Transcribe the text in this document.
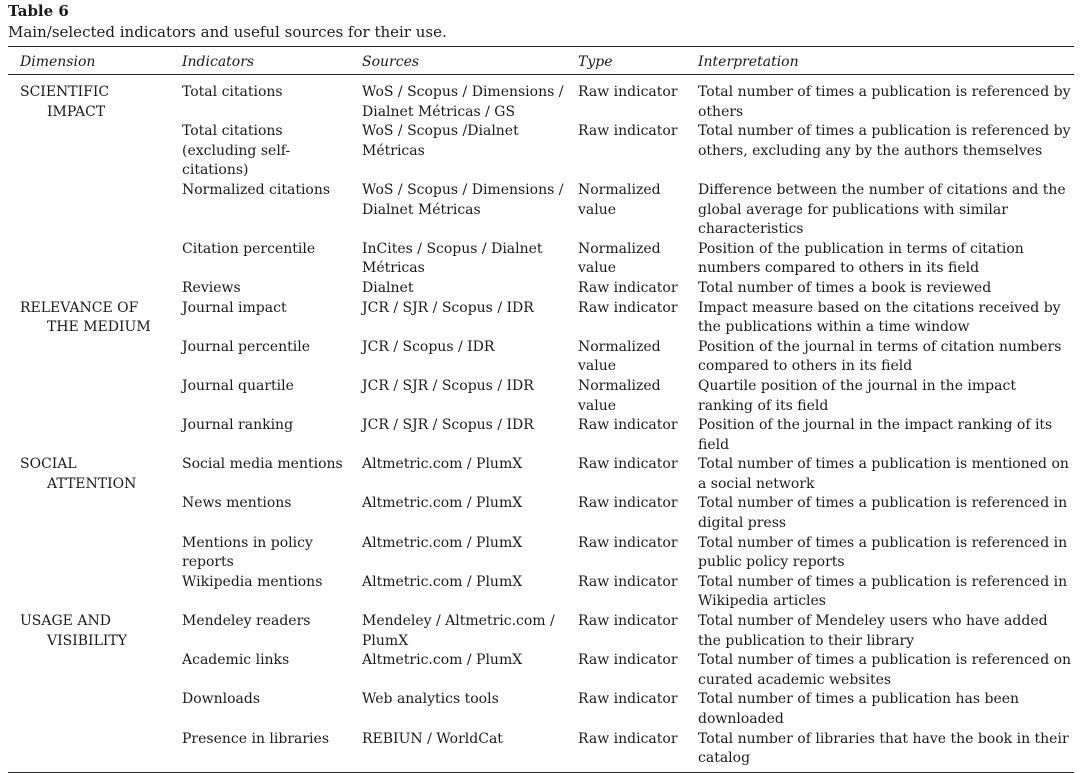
Table 6
Main/selected indicators and useful sources for their use.
Dimension	Indicators	Sources	Type	Interpretation
SCIENTIFIC IMPACT	Total citations	WoS / Scopus / Dimensions / Dialnet Métricas / GS	Raw indicator	Total number of times a publication is referenced by others
	Total citations (excluding self-citations)	WoS / Scopus /Dialnet Métricas	Raw indicator	Total number of times a publication is referenced by others, excluding any by the authors themselves
	Normalized citations	WoS / Scopus / Dimensions / Dialnet Métricas	Normalized value	Difference between the number of citations and the global average for publications with similar characteristics
	Citation percentile	InCites / Scopus / Dialnet Métricas	Normalized value	Position of the publication in terms of citation numbers compared to others in its field
	Reviews	Dialnet	Raw indicator	Total number of times a book is reviewed
RELEVANCE OF THE MEDIUM	Journal impact	JCR / SJR / Scopus / IDR	Raw indicator	Impact measure based on the citations received by the publications within a time window
	Journal percentile	JCR / Scopus / IDR	Normalized value	Position of the journal in terms of citation numbers compared to others in its field
	Journal quartile	JCR / SJR / Scopus / IDR	Normalized value	Quartile position of the journal in the impact ranking of its field
	Journal ranking	JCR / SJR / Scopus / IDR	Raw indicator	Position of the journal in the impact ranking of its field
SOCIAL ATTENTION	Social media mentions	Altmetric.com / PlumX	Raw indicator	Total number of times a publication is mentioned on a social network
	News mentions	Altmetric.com / PlumX	Raw indicator	Total number of times a publication is referenced in digital press
	Mentions in policy reports	Altmetric.com / PlumX	Raw indicator	Total number of times a publication is referenced in public policy reports
	Wikipedia mentions	Altmetric.com / PlumX	Raw indicator	Total number of times a publication is referenced in Wikipedia articles
USAGE AND VISIBILITY	Mendeley readers	Mendeley / Altmetric.com / PlumX	Raw indicator	Total number of Mendeley users who have added the publication to their library
	Academic links	Altmetric.com / PlumX	Raw indicator	Total number of times a publication is referenced on curated academic websites
	Downloads	Web analytics tools	Raw indicator	Total number of times a publication has been downloaded
	Presence in libraries	REBIUN / WorldCat	Raw indicator	Total number of libraries that have the book in their catalog
